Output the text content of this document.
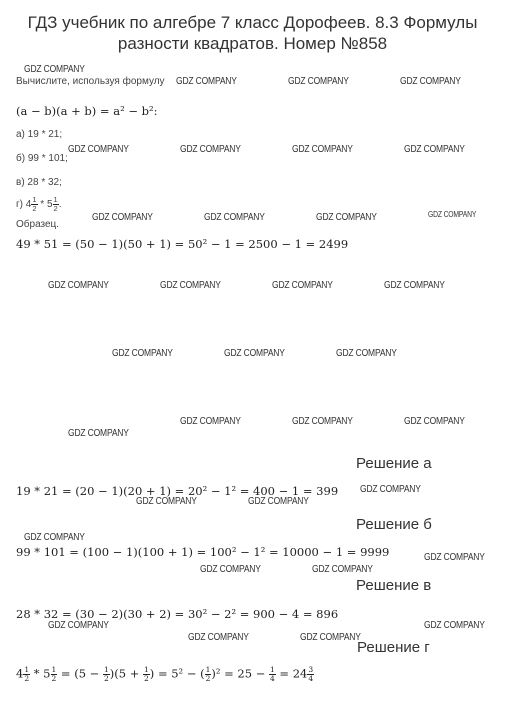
ГДЗ учебник по алгебре 7 класс Дорофеев. 8.3 Формулы разности квадратов. Номер №858
Вычислите, используя формулу
(a − b)(a + b) = a² − b²:
а) 19 * 21;
б) 99 * 101;
в) 28 * 32;
г) $4 \frac{1}{2} * 5 \frac{1}{2}$ .
Образец.
49 * 51 = (50 − 1)(50 + 1) = 50² − 1 = 2500 − 1 = 2499
Решение а
19 * 21 = (20 − 1)(20 + 1) = 20² − 1² = 400 − 1 = 399
Решение б
99 * 101 = (100 − 1)(100 + 1) = 100² − 1² = 10000 − 1 = 9999
Решение в
28 * 32 = (30 − 2)(30 + 2) = 30² − 2² = 900 − 4 = 896
Решение г
$4 \frac{1}{2} * 5 \frac{1}{2} = (5 - \frac{1}{2} )(5 + \frac{1}{2}$ ) = 5² − ( $\frac{1}{2} )^2 = 25 - \frac{1}{4} = 24 \frac{3}{4}$
GDZ COMPANY
GDZ COMPANY	GDZ COMPANY	GDZ COMPANY
GDZ COMPANY	GDZ COMPANY	GDZ COMPANY	GDZ COMPANY
GDZ COMPANY	GDZ COMPANY	GDZ COMPANY	GDZ COMPANY
GDZ COMPANY	GDZ COMPANY	GDZ COMPANY	GDZ COMPANY
GDZ COMPANY	GDZ COMPANY	GDZ COMPANY
GDZ COMPANY	GDZ COMPANY	GDZ COMPANY
GDZ COMPANY
GDZ COMPANY
GDZ COMPANY	GDZ COMPANY
GDZ COMPANY
GDZ COMPANY
GDZ COMPANY	GDZ COMPANY
GDZ COMPANY	GDZ COMPANY
GDZ COMPANY	GDZ COMPANY
